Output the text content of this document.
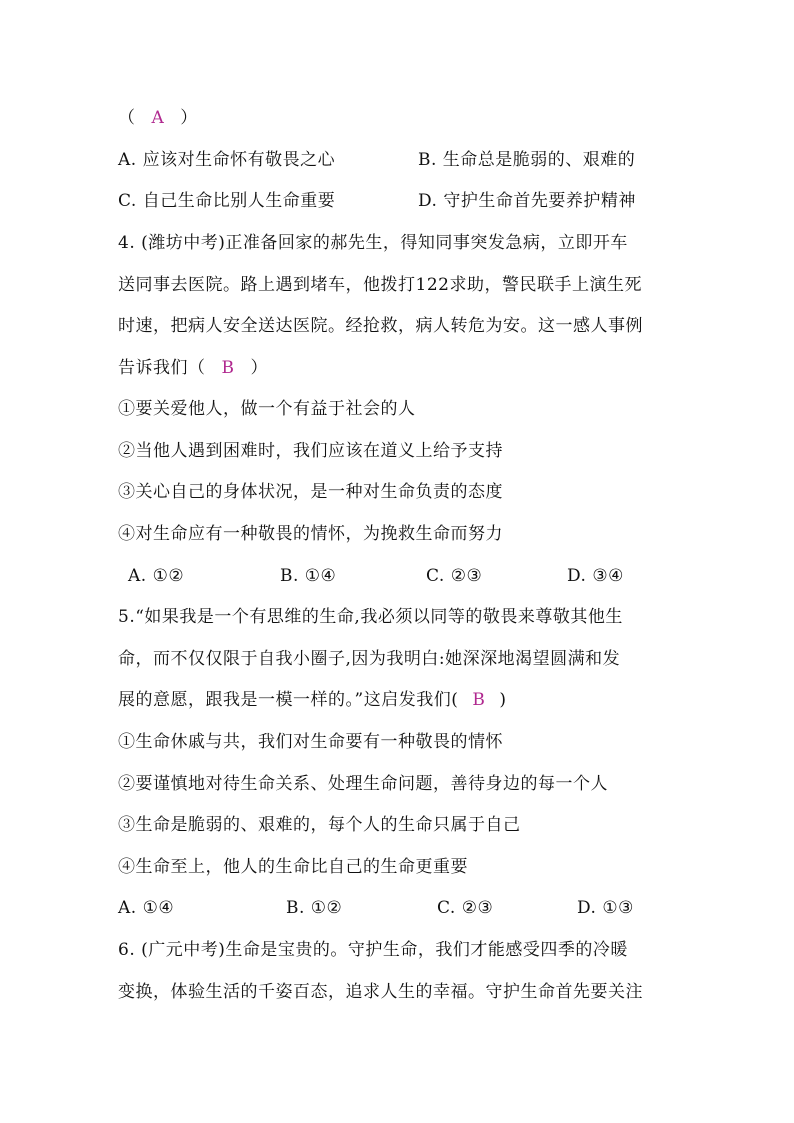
（ A ）
A. 应该对生命怀有敬畏之心	B. 生命总是脆弱的、艰难的
C. 自己生命比别人生命重要	D. 守护生命首先要养护精神
4. (潍坊中考)正准备回家的郝先生，得知同事突发急病，立即开车
送同事去医院。路上遇到堵车，他拨打122求助，警民联手上演生死
时速，把病人安全送达医院。经抢救，病人转危为安。这一感人事例
告诉我们（ B ）
①要关爱他人，做一个有益于社会的人
②当他人遇到困难时，我们应该在道义上给予支持
③关心自己的身体状况，是一种对生命负责的态度
④对生命应有一种敬畏的情怀，为挽救生命而努力
A. ①②	B. ①④	C. ②③	D. ③④
5.“如果我是一个有思维的生命,我必须以同等的敬畏来尊敬其他生
命，而不仅仅限于自我小圈子,因为我明白:她深深地渴望圆满和发
展的意愿，跟我是一模一样的。”这启发我们( B )
①生命休戚与共，我们对生命要有一种敬畏的情怀
②要谨慎地对待生命关系、处理生命问题，善待身边的每一个人
③生命是脆弱的、艰难的，每个人的生命只属于自己
④生命至上，他人的生命比自己的生命更重要
A. ①④	B. ①②	C. ②③	D. ①③
6. (广元中考)生命是宝贵的。守护生命，我们才能感受四季的冷暖
变换，体验生活的千姿百态，追求人生的幸福。守护生命首先要关注
